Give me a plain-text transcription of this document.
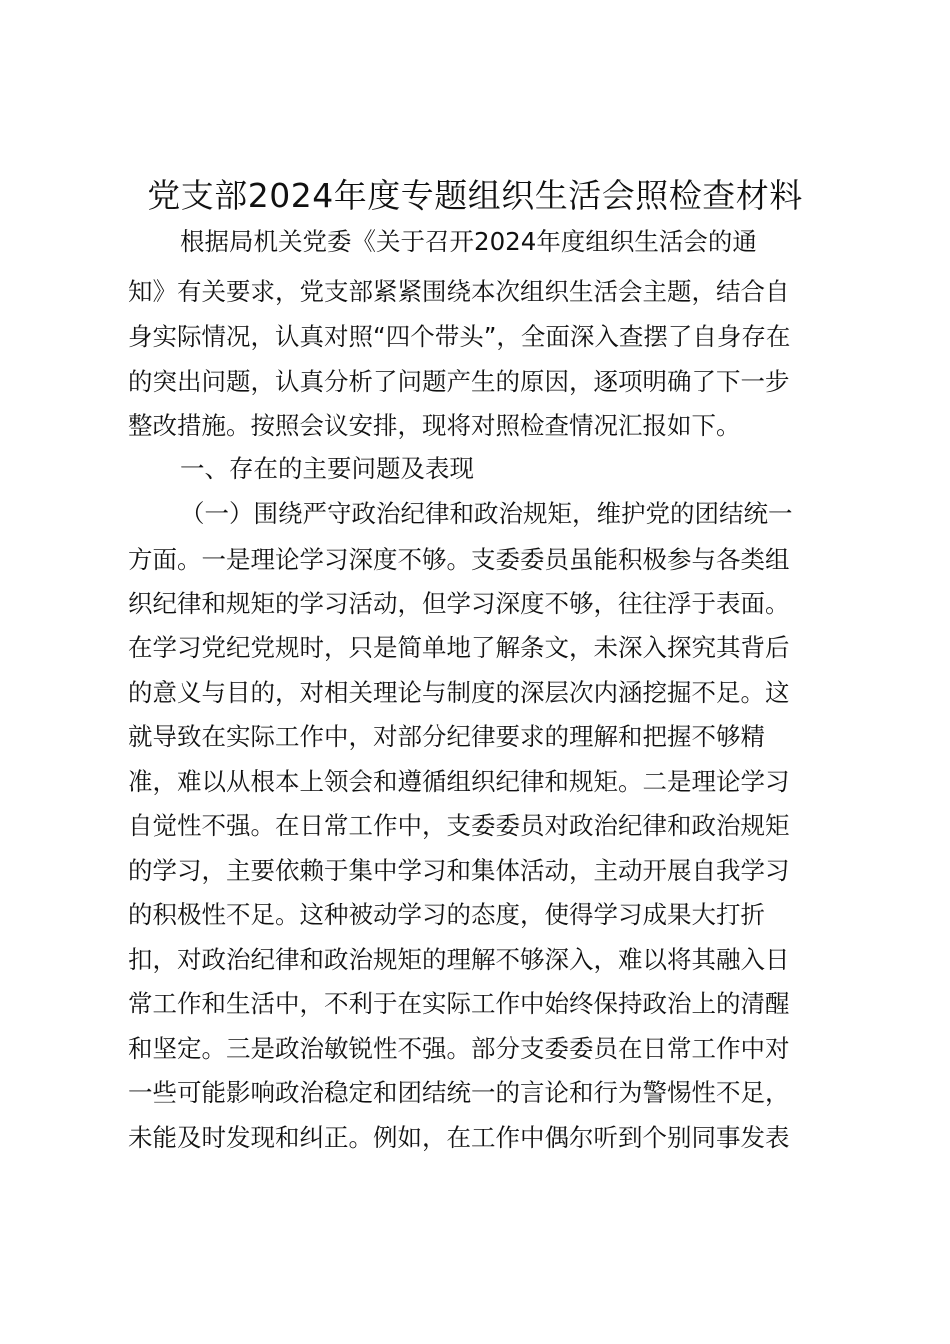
党支部2024年度专题组织生活会照检查材料
根据局机关党委《关于召开2024年度组织生活会的通
知》有关要求，党支部紧紧围绕本次组织生活会主题，结合自
身实际情况，认真对照“四个带头”，全面深入查摆了自身存在
的突出问题，认真分析了问题产生的原因，逐项明确了下一步
整改措施。按照会议安排，现将对照检查情况汇报如下。
一、存在的主要问题及表现
（一）围绕严守政治纪律和政治规矩，维护党的团结统一
方面。一是理论学习深度不够。支委委员虽能积极参与各类组
织纪律和规矩的学习活动，但学习深度不够，往往浮于表面。
在学习党纪党规时，只是简单地了解条文，未深入探究其背后
的意义与目的，对相关理论与制度的深层次内涵挖掘不足。这
就导致在实际工作中，对部分纪律要求的理解和把握不够精
准，难以从根本上领会和遵循组织纪律和规矩。二是理论学习
自觉性不强。在日常工作中，支委委员对政治纪律和政治规矩
的学习，主要依赖于集中学习和集体活动，主动开展自我学习
的积极性不足。这种被动学习的态度，使得学习成果大打折
扣，对政治纪律和政治规矩的理解不够深入，难以将其融入日
常工作和生活中，不利于在实际工作中始终保持政治上的清醒
和坚定。三是政治敏锐性不强。部分支委委员在日常工作中对
一些可能影响政治稳定和团结统一的言论和行为警惕性不足，
未能及时发现和纠正。例如，在工作中偶尔听到个别同事发表
